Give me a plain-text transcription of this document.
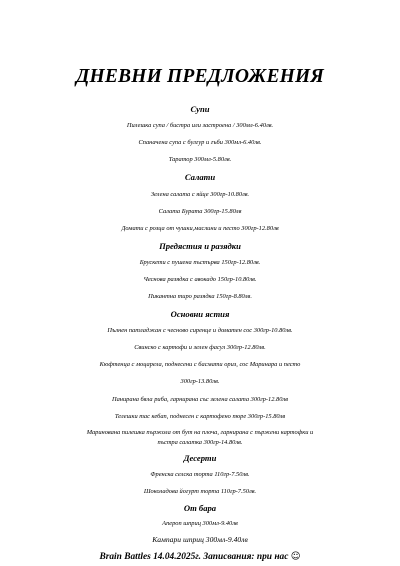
ДНЕВНИ ПРЕДЛОЖЕНИЯ
Супи
Пилешка супа / бистра или застроена / 300мл-6.40лв.
Спаначена супа с булгур и гъби 300мл-6.40лв.
Таратор 300мл-5.80лв.
Салати
Зелена салата с яйце 300гр-10.80лв.
Салата Бурата 300гр-15.80лв
Домати с розца от чушки,маслини и песто 300гр-12.80лв
Предястия и разядки
Брускети с пушена пъстърва 150гр-12.80лв.
Чеснова разядка с авокадо 150гр-10.80лв.
Пикантна тиро разядка 150гр-8.80лв.
Основни ястия
Пълнен патладжан с чесново сиренце и доматен сос 300гр-10.80лв.
Свинско с картофи и зелен фасул 300гр-12.80лв.
Кюфтенца с моцарела, поднесени с басмати ориз, сос Маринара и песто
300гр-13.80лв.
Панирана бяла риба, гарнирана със зелена салата 300гр-12.80лв
Телешки тас кебап, поднесен с картофено пюре 300гр-15.80лв
Маринована пилешка пържола от бут на плоча, гарнирана с пържени картофки и
пъстра салатка 300гр-14.80лв.
Десерти
Френска селска торта 110гр-7.50лв.
Шоколадова йогурт торта 110гр-7.50лв.
От бара
Апероп шприц 300мл-9.40лв
Кампари шприц 300мл-9.40лв
Brain Battles 14.04.2025г. Записвания: при нас ☺
